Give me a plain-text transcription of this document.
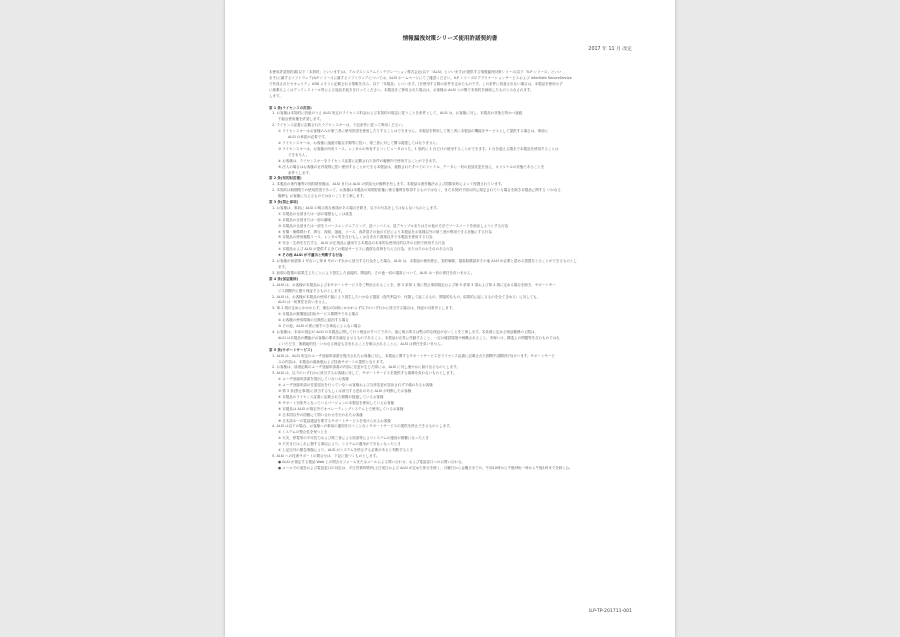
情報漏洩対策シリーズ使用許諾契約書
2017 年 11 月 改定
本使用許諾契約書(以下「本契約」といいます)は、アルプスシステムインテグレーション株式会社(以下「ALSI」といいます)が提供する情報漏洩対策シリーズ(以下「ILP シリーズ」といい
ます)に属するソフトウェア(ILP シリーズに属するソフトウェアについては、ALSI ホームページにてご確認ください。ILP シリーズのアプリケーションサービスおよび InterSafe SecureDevice
で作成されたセキュリティ USB メモリに記載される情報を含み、以下「本製品」といいます。)を使用する際の条件を定めたものです。この条件に同意されない場合は、本製品を使用せず
に破棄もしくはアンインストール等による返品手続きを行ってください。本製品をご使用された場合は、お客様は ALSI との間で本契約を締結したものとみなされます。
します。
第 1 条(ライセンスの許諾)
1. お客様は本契約に同意のうえ ALSI 所定のライセンス料金および本契約の規定に従うことを条件として、ALSI は、お客様に対し、本製品の非独占的かつ譲渡
不能な使用権を許諾します。
2. ライセンス証書に記載されたライセンスキーは、下記条件に従って利用ください。
① ライセンスキーはお客様のみが第三者に使用許諾を使用したりすることはできません。本製品を利用して第三者に本製品の機能をサービスとして提供する場合は、事前に
ALSI の承諾が必要です。
② ライセンスキーは、お客様に譲渡可能な手順等に従い、第三者に対して開示複製してはなりません。
③ ライセンスキーは、お客様の所有リース、レンタルの所有するコンピュータのうち、1 契約に 1 台だけの使用することができます。1 台を超える端末で本製品を使用することは
できません。
④ お客様は、ライセンスキーをライセンス証書に記載された条件の範囲内で使用することができます。
⑤ 法人の場合はお客様の社内規則に従い使用することができる本製品は、複数されたすべてのファイル、データに一切の追加変更を加え、オリジナルの状態であることを
条件とします。
第 2 条(知的財産権)
1. 本製品の著作権等の知的財産権は、ALSI または ALSI の供給元が権利を有します。本製品は著作権法および国際条約によって保護されています。
2. 本契約は無期限での使用許諾であって、お客様は本製品の知的財産権に係る権利を取得するものではなく、また本契約で明示的に規定されている場合を除き本製品に関する いかなる
権利も お客様に与えるものではないことを了承します。
第 3 条(禁止事項)
1. お客様は、事前に ALSI の明示的な承諾がある場合を除き、以下の行為をしてはならないものとします。
① 本製品の全部または一部の複製もしくは改造
② 本製品の全部または一部の翻案
③ 本製品の全部または一部をリバースエンジニアリング、逆コンパイル、逆アセンブルまたはその他の方法でソースコードを抽出しようとする行為
④ 有償・無償問わず、貸与、再販、譲渡、リース、再許諾その他の方法により本製品をお客様以外の第三者が利用できる状態にする行為
⑤ 本製品の使用権限リース、レンタル等を含むもしくは含まれた環境以外で本製品を使用する行為
⑥ 安全・生命を左右する、ALSI が正規品に適用する本製品の本来的な使用目的以外の目的で使用する行為
⑦ 本製品および ALSI が提供する全ての製品サービスに過度な負荷を与える行為、またはそのおそれのある行為
⑧ その他 ALSI が不適当と判断する行為
2. お客様が前項第 1 号ないし第 8 号のいずれかに該当する行為をした場合、ALSI は、本製品の使用停止、契約解除、損害賠償請求その他 ALSI が必要と認める措置をとることができるものとし
ます。
3. 前項の措置の結果生じたことにより発生した直接的、間接的、その他一切の損害について、ALSI は一切の責任を負いません。
第 4 条(保証範囲)
1. ALSI は、お客様が本製品および本サポートサービスをご利用されることを、第 3 条第 1 項に禁止事項規定および第 5 条第 3 項および第 4 項に定める場合を除き、サポートサー
ビス期間内に限り保証するものとします。
2. ALSI は、お客様が本製品の使用不能により発生したいかなる損害（逸失利益や、付随して起こるもの、間接的なもの、結果的に起こるものを全て含める）に対しても、
ALSI は一切責任を負いません。
3. 第 1 項の定めにかかわらず、理由の如何にかかわらず以下のいずれかに該当する場合は、保証の対象外とします。
① 本製品の無償版(試用)サービス期間中である場合
② お客様の使用環境の互換性に起因する場合
③ その他、ALSI の責に帰すべき事由によらない場合
4. お客様は、本条の規定が ALSI の本製品に関して行う保証のすべてであり、他に明示的又は黙示的な保証がないことを了承します。本条項に定める保証範囲の上限は、
ALSI は本製品の機能がお客様の要求を満足させるものであること、本製品が正常に作動すること、一定の確認環境や稼働されること、実稼いけ、構造上の問題等を含むものではな
くいただき、無瑕疵的性・いかなる保証も含まれることを明示されることに、ALSI は責任を負いません。
第 5 条(サポートサービス)
1. ALSI は、ALSI 所定のユーザ登録申請書を提出されたお客様に対し、本製品に関するサポートサービスをライセンス証書に記載された期間中(期限年内)行います。サポートサービ
スの内容は、本製品の最新版および技術サポートの提供となります。
2. お客様は、前項記載のユーザ登録申請書の内容に変更が生じた際には、ALSI に対し速やかに届け出るものとします。
3. ALSI は、以下のいずれかに該当するお客様に対して、サポートサービスを提供する義務を負わないものとします。
① ユーザ登録申請書を提出していないお客様
② ユーザ登録申請の変更届出を行っていないお客様および当該変更が届出されず不備のあるお客様
③ 第 3 条(禁止事項)に該当するもしくは該当する恐れのある ALSI が判断したお客様
④ 本製品のライセンス証書に記載された期間が経過しているお客様
⑤ サポート対象外となっているバージョンの本製品を使用しているお客様
⑥ 本製品は ALSI が指定外でオペレーティングシステム上で使用しているお客様
⑦ 日本国以外の国籍にて問い合わせを行われたお客様
⑧ 日本語ネーの電話通話を要するサポートサービスを受けられるお客様
4. ALSI は以下の場合、お客様への事前の通知を行うことなくサポートサービスの提供を停止できるものとします。
① システムの整合性を保つとき
② 火災、停電等の不可抗力および第三者による妨害等によりシステムの運用が困難になったとき
③ 天災またはこれに類する事由により、システムの運用ができなくなったとき
④ 上記以外の緊急事態により、ALSI がシステムを停止する必要があると判断するとき
5. ALSI への技術サポートの問合せは、下記に基づくものとします。
● ALSI が指定する製品 Web 上の問合せフォームまたはメールによる問い合わせ、および電話窓口へのお問い合わせ。
● メールでの返答および電話窓口の対応は、平日営業時間内(土日祝日および ALSI が定めた休日を除く、月曜日から金曜日までの、午前10時から午後5時(一時から午後1時までを除く))。
ILP-TP-201711-001
